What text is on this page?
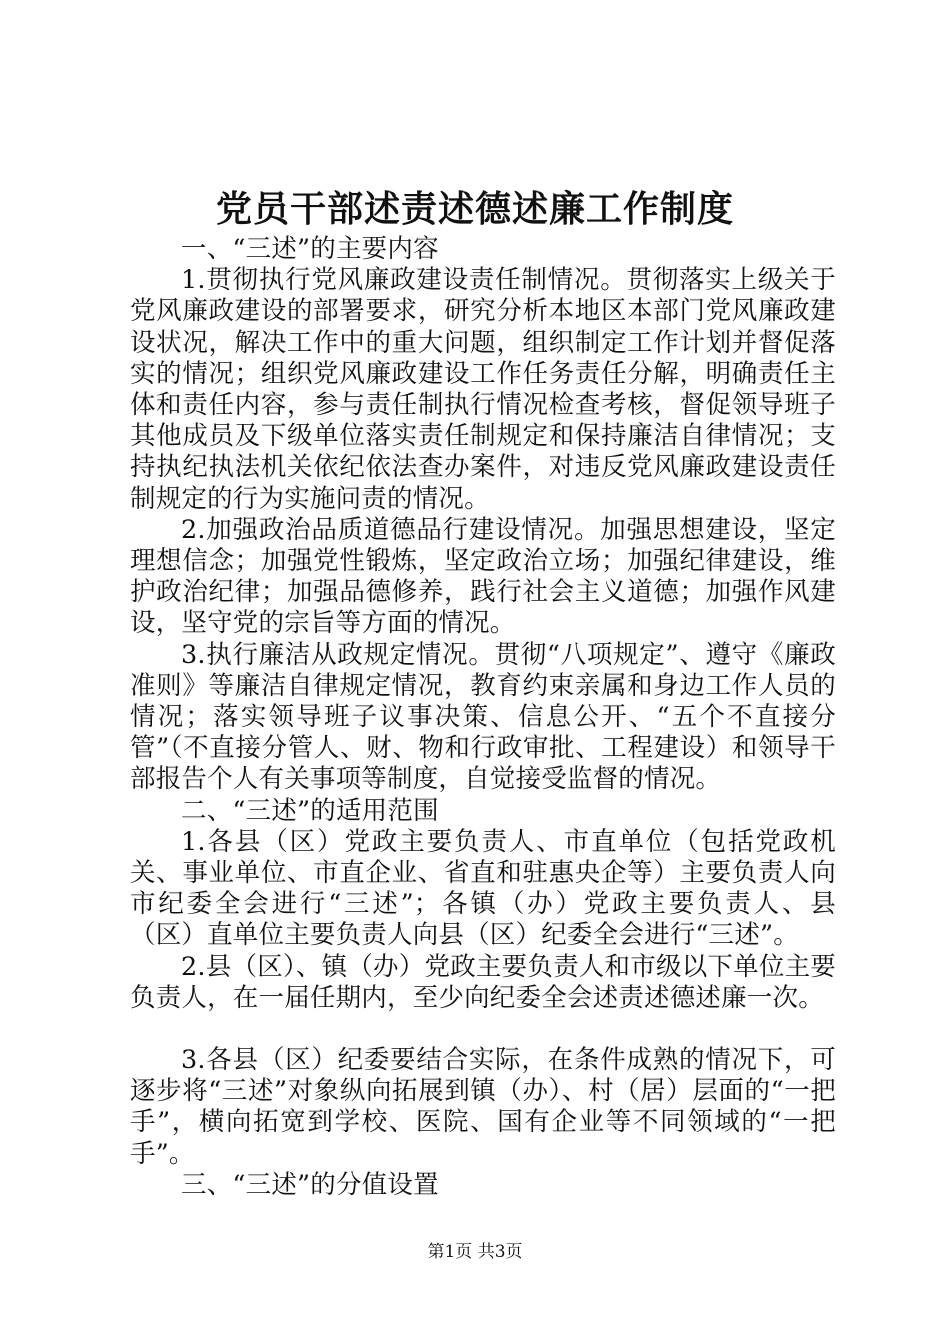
党员干部述责述德述廉工作制度

一、“三述”的主要内容

1.贯彻执行党风廉政建设责任制情况。贯彻落实上级关于党风廉政建设的部署要求，研究分析本地区本部门党风廉政建设状况，解决工作中的重大问题，组织制定工作计划并督促落实的情况；组织党风廉政建设工作任务责任分解，明确责任主体和责任内容，参与责任制执行情况检查考核，督促领导班子其他成员及下级单位落实责任制规定和保持廉洁自律情况；支持执纪执法机关依纪依法查办案件，对违反党风廉政建设责任制规定的行为实施问责的情况。

2.加强政治品质道德品行建设情况。加强思想建设，坚定理想信念；加强党性锻炼，坚定政治立场；加强纪律建设，维护政治纪律；加强品德修养，践行社会主义道德；加强作风建设，坚守党的宗旨等方面的情况。

3.执行廉洁从政规定情况。贯彻“八项规定”、遵守《廉政准则》等廉洁自律规定情况，教育约束亲属和身边工作人员的情况；落实领导班子议事决策、信息公开、“五个不直接分管”（不直接分管人、财、物和行政审批、工程建设）和领导干部报告个人有关事项等制度，自觉接受监督的情况。

二、“三述”的适用范围

1.各县（区）党政主要负责人、市直单位（包括党政机关、事业单位、市直企业、省直和驻惠央企等）主要负责人向市纪委全会进行“三述”；各镇（办）党政主要负责人、县（区）直单位主要负责人向县（区）纪委全会进行“三述”。

2.县（区）、镇（办）党政主要负责人和市级以下单位主要负责人，在一届任期内，至少向纪委全会述责述德述廉一次。

3.各县（区）纪委要结合实际，在条件成熟的情况下，可逐步将“三述”对象纵向拓展到镇（办）、村（居）层面的“一把手”，横向拓宽到学校、医院、国有企业等不同领域的“一把手”。

三、“三述”的分值设置

第1页 共3页
